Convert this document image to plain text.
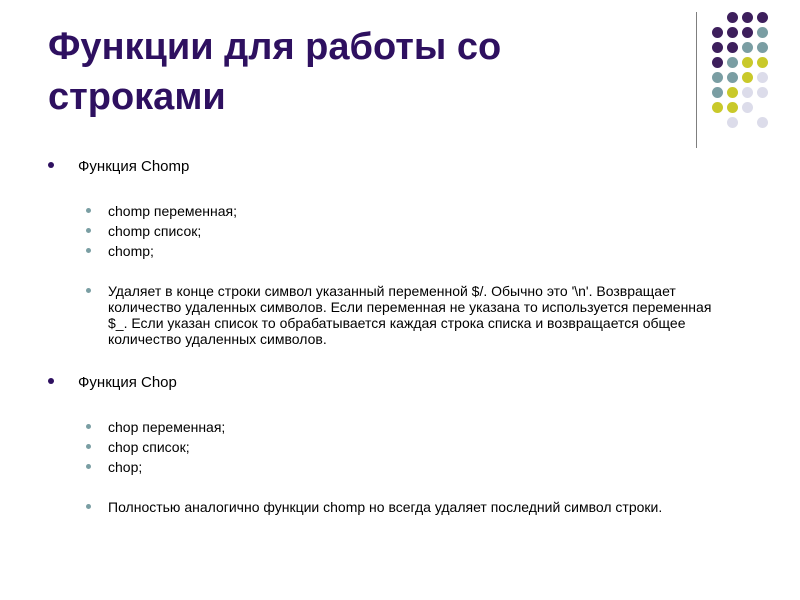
Функции для работы со строками
Функция Chomp
chomp переменная;
chomp список;
chomp;
Удаляет в конце строки символ указанный переменной $/. Обычно это '\n'. Возвращает количество удаленных символов. Если переменная не указана то используется переменная $_. Если указан список то обрабатывается каждая строка списка и возвращается общее количество удаленных символов.
Функция Chop
chop переменная;
chop список;
chop;
Полностью аналогично функции chomp но всегда удаляет последний символ строки.
